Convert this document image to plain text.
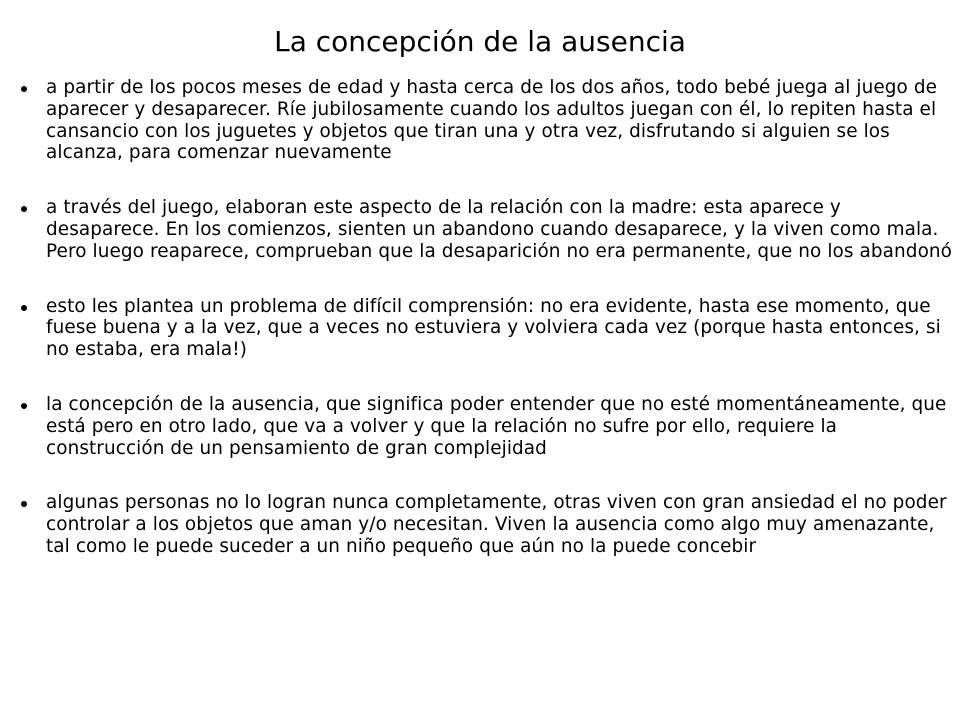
La concepción de la ausencia
a partir de los pocos meses de edad y hasta cerca de los dos años, todo bebé juega al juego de aparecer y desaparecer. Ríe jubilosamente cuando los adultos juegan con él, lo repiten hasta el cansancio con los juguetes y objetos que tiran una y otra vez, disfrutando si alguien se los alcanza, para comenzar nuevamente
a través del juego, elaboran este aspecto de la relación con la madre: esta aparece y desaparece. En los comienzos, sienten un abandono cuando desaparece, y la viven como mala. Pero luego reaparece, comprueban que la desaparición no era permanente, que no los abandonó
esto les plantea un problema de difícil comprensión: no era evidente, hasta ese momento, que fuese buena y a la vez, que a veces no estuviera y volviera cada vez (porque hasta entonces, si no estaba, era mala!)
la concepción de la ausencia, que significa poder entender que no esté momentáneamente, que está pero en otro lado, que va a volver y que la relación no sufre por ello, requiere la construcción de un pensamiento de gran complejidad
algunas personas no lo logran nunca completamente, otras viven con gran ansiedad el no poder controlar a los objetos que aman y/o necesitan. Viven la ausencia como algo muy amenazante, tal como le puede suceder a un niño pequeño que aún no la puede concebir
